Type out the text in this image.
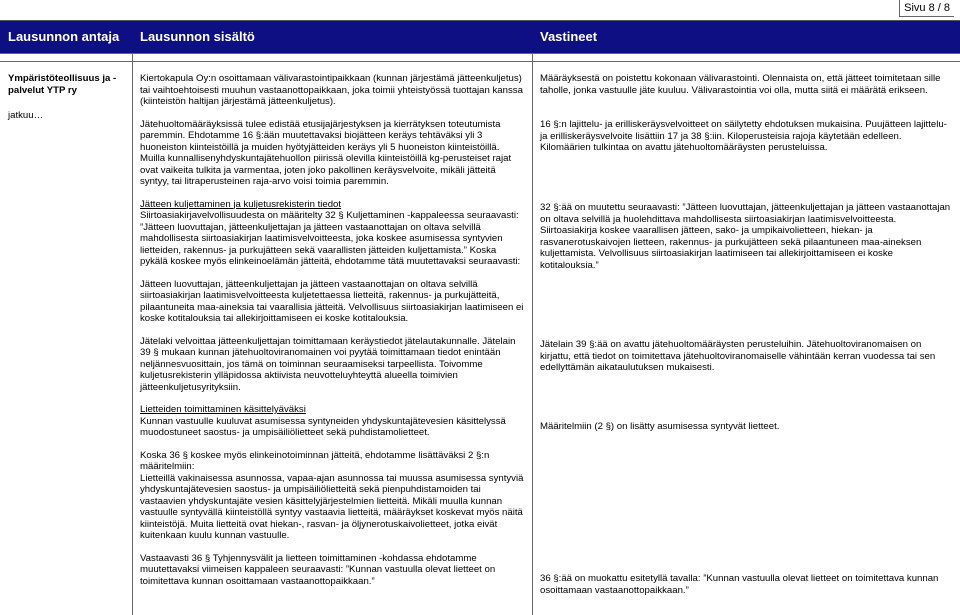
Sivu 8 / 8
Lausunnon antaja Lausunnon sisältö	Vastineet
Ympäristöteollisuus ja -palvelut YTP ry
jatkuu…

Kiertokapula Oy:n osoittamaan välivarastointipaikkaan (kunnan järjestämä jätteenkuljetus) tai vaihtoehtoisesti muuhun vastaanottopaikkaan, joka toimii yhteistyössä tuottajan kanssa (kiinteistön haltijan järjestämä jätteenkuljetus).

Jätehuoltomääräyksissä tulee edistää etusijajärjestyksen ja kierrätyksen toteutumista paremmin. Ehdotamme 16 §:ään muutettavaksi biojätteen keräys tehtäväksi yli 3 huoneiston kiinteistöillä ja muiden hyötyjätteiden keräys yli 5 huoneiston kiinteistöillä. Muilla kunnallisenyhdyskuntajätehuollon piirissä olevilla kiinteistöillä kg-perusteiset rajat ovat vaikeita tulkita ja varmentaa, joten joko pakollinen keräysvelvoite, mikäli jätteitä syntyy, tai litraperusteinen raja-arvo voisi toimia paremmin.

Jätteen kuljettaminen ja kuljetusrekisterin tiedot
Siirtoasiakirjavelvollisuudesta on määritelty 32 § Kuljettaminen -kappaleessa seuraavasti: ”Jätteen luovuttajan, jätteenkuljettajan ja jätteen vastaanottajan on oltava selvillä mahdollisesta siirtoasiakirjan laatimisvelvoitteesta, joka koskee asumisessa syntyvien lietteiden, rakennus- ja purkujätteen sekä vaarallisten jätteiden kuljettamista.” Koska pykälä koskee myös elinkeinoelämän jätteitä, ehdotamme tätä muutettavaksi seuraavasti:

Jätteen luovuttajan, jätteenkuljettajan ja jätteen vastaanottajan on oltava selvillä siirtoasiakirjan laatimisvelvoitteesta kuljetettaessa lietteitä, rakennus- ja purkujätteitä, pilaantuneita maa-aineksia tai vaarallisia jätteitä. Velvollisuus siirtoasiakirjan laatimiseen ei koske kotitalouksia tai allekirjoittamiseen ei koske kotitalouksia.

Jätelaki velvoittaa jätteenkuljettajan toimittamaan keräystiedot jätelautakunnalle. Jätelain 39 § mukaan kunnan jätehuoltoviranomainen voi pyytää toimittamaan tiedot enintään neljännesvuosittain, jos tämä on toiminnan seuraamiseksi tarpeellista. Toivomme kuljetusrekisterin ylläpidossa aktiivista neuvotteluyhteyttä alueella toimivien jätteenkuljetusyrityksiin.

Lietteiden toimittaminen käsittelyäväksi
Kunnan vastuulle kuuluvat asumisessa syntyneiden yhdyskuntajätevesien käsittelyssä muodostuneet saostus- ja umpisäiliölietteet sekä puhdistamolietteet.

Koska 36 § koskee myös elinkeinotoiminnan jätteitä, ehdotamme lisättäväksi 2 §:n määritelmiin:
Lietteillä vakinaisessa asunnossa, vapaa-ajan asunnossa tai muussa asumisessa syntyviä yhdyskuntajätevesien saostus- ja umpisäiliölietteitä sekä pienpuhdistamoiden tai vastaavien yhdyskuntajäte vesien käsittelyjärjestelmien lietteitä. Mikäli muulla kunnan vastuulle syntyvällä kiinteistöllä syntyy vastaavia lietteitä, määräykset koskevat myös näitä kiinteistöjä. Muita lietteitä ovat hiekan-, rasvan- ja öljynerotuskaivolietteet, jotka eivät kuitenkaan kuulu kunnan vastuulle.

Vastaavasti 36 § Tyhjennysvälit ja lietteen toimittaminen -kohdassa ehdotamme muutettavaksi viimeisen kappaleen seuraavasti: ”Kunnan vastuulla olevat lietteet on toimitettava kunnan osoittamaan vastaanottopaikkaan.”

Määräyksestä on poistettu kokonaan välivarastointi. Olennaista on, että jätteet toimitetaan sille taholle, jonka vastuulle jäte kuuluu. Välivarastointia voi olla, mutta siitä ei määrätä erikseen.
16 §:n lajittelu- ja erilliskeräysvelvoitteet on säilytetty ehdotuksen mukaisina. Puujätteen lajittelu- ja erilliskeräysvelvoite lisättiin 17 ja 38 §:iin. Kiloperusteisia rajoja käytetään edelleen. Kilomäärien tulkintaa on avattu jätehuoltomääräysten perusteluissa.
32 §:ää on muutettu seuraavasti: ”Jätteen luovuttajan, jätteenkuljettajan ja jätteen vastaanottajan on oltava selvillä ja huolehdittava mahdollisesta siirtoasiakirjan laatimisvelvoitteesta. Siirtoasiakirja koskee vaarallisen jätteen, sako- ja umpikaivolietteen, hiekan- ja rasvanerotuskaivojen lietteen, rakennus- ja purkujätteen sekä pilaantuneen maa-aineksen kuljettamista. Velvollisuus siirtoasiakirjan laatimiseen tai allekirjoittamiseen ei koske kotitalouksia.”
Jätelain 39 §:ää on avattu jätehuoltomääräysten perusteluihin. Jätehuoltoviranomaisen on kirjattu, että tiedot on toimitettava jätehuoltoviranomaiselle vähintään kerran vuodessa tai sen edellyttämän aikataulutuksen mukaisesti.
Määritelmiin (2 §) on lisätty asumisessa syntyvät lietteet.
36 §:ää on muokattu esitetyllä tavalla: ”Kunnan vastuulla olevat lietteet on toimitettava kunnan osoittamaan vastaanottopaikkaan.”
